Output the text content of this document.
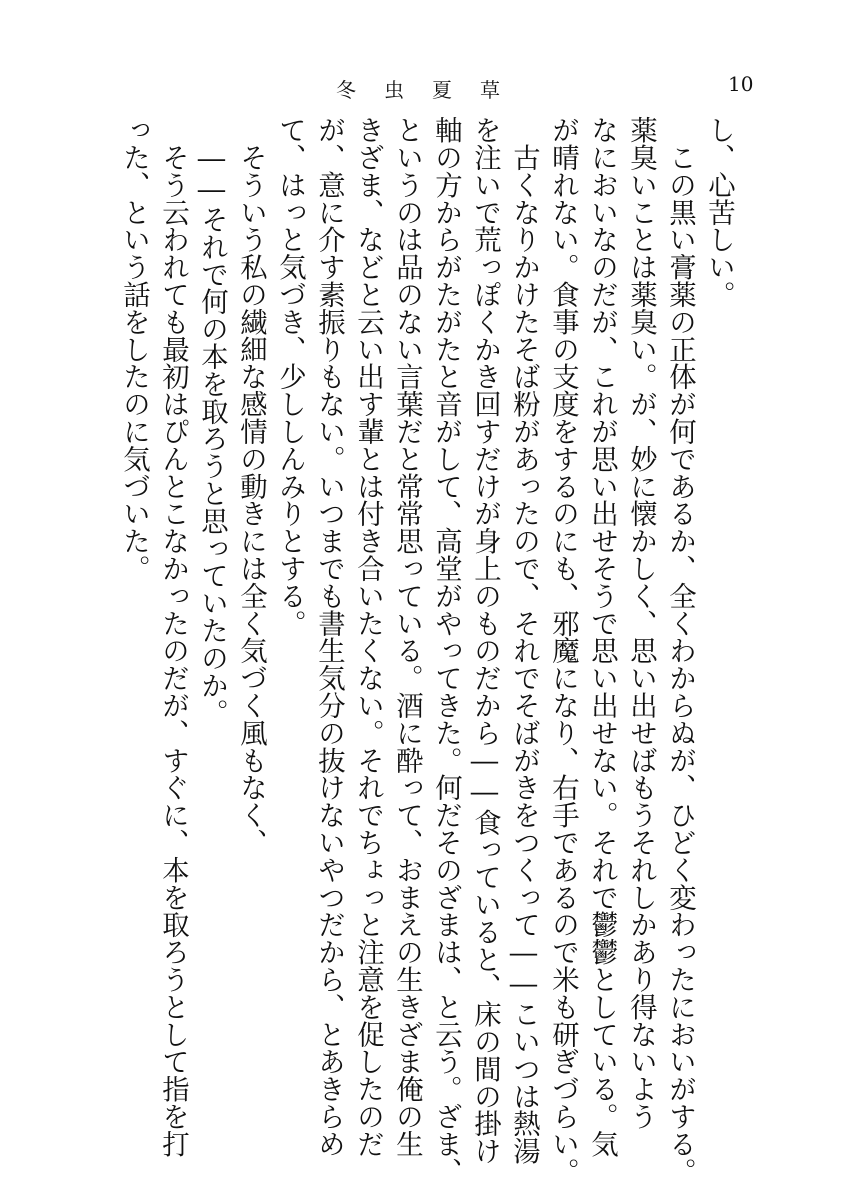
冬虫夏草	10
し、心苦しい。
　この黒い膏薬の正体が何であるか、全くわからぬが、ひどく変わったにおいがする。
薬臭いことは薬臭い。が、妙に懐かしく、思い出せばもうそれしかあり得ないよう
なにおいなのだが、これが思い出せそうで思い出せない。それで鬱鬱としている。気
が晴れない。食事の支度をするのにも、邪魔になり、右手であるので米も研ぎづらい。
　古くなりかけたそば粉があったので、それでそばがきをつくって――こいつは熱湯
を注いで荒っぽくかき回すだけが身上のものだから――食っていると、床の間の掛け
軸の方からがたがたと音がして、高堂がやってきた。何だそのざまは、と云う。ざま、
というのは品のない言葉だと常常思っている。酒に酔って、おまえの生きざま俺の生
きざま、などと云い出す輩とは付き合いたくない。それでちょっと注意を促したのだ
が、意に介す素振りもない。いつまでも書生気分の抜けないやつだから、とあきらめ
て、はっと気づき、少ししんみりとする。
　そういう私の繊細な感情の動きには全く気づく風もなく、
　――それで何の本を取ろうと思っていたのか。
　そう云われても最初はぴんとこなかったのだが、すぐに、本を取ろうとして指を打
った、という話をしたのに気づいた。
